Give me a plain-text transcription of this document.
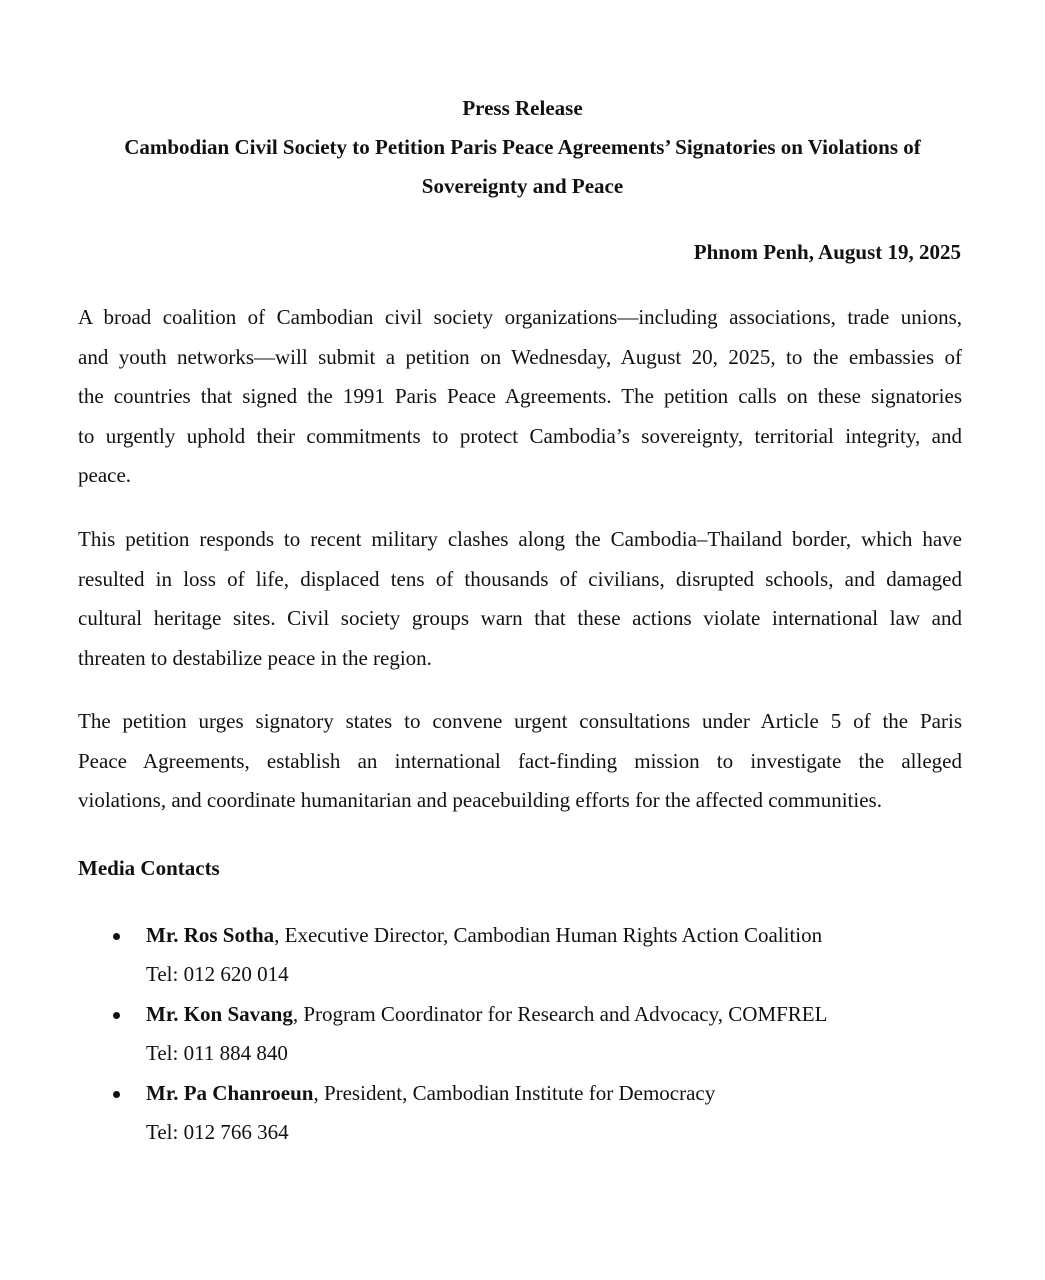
Press Release
Cambodian Civil Society to Petition Paris Peace Agreements’ Signatories on Violations of
Sovereignty and Peace
Phnom Penh, August 19, 2025
A broad coalition of Cambodian civil society organizations—including associations, trade unions,
and youth networks—will submit a petition on Wednesday, August 20, 2025, to the embassies of
the countries that signed the 1991 Paris Peace Agreements. The petition calls on these signatories
to urgently uphold their commitments to protect Cambodia’s sovereignty, territorial integrity, and
peace.
This petition responds to recent military clashes along the Cambodia–Thailand border, which have
resulted in loss of life, displaced tens of thousands of civilians, disrupted schools, and damaged
cultural heritage sites. Civil society groups warn that these actions violate international law and
threaten to destabilize peace in the region.
The petition urges signatory states to convene urgent consultations under Article 5 of the Paris
Peace Agreements, establish an international fact-finding mission to investigate the alleged
violations, and coordinate humanitarian and peacebuilding efforts for the affected communities.
Media Contacts
Mr. Ros Sotha, Executive Director, Cambodian Human Rights Action Coalition
Tel: 012 620 014
Mr. Kon Savang, Program Coordinator for Research and Advocacy, COMFREL
Tel: 011 884 840
Mr. Pa Chanroeun, President, Cambodian Institute for Democracy
Tel: 012 766 364
